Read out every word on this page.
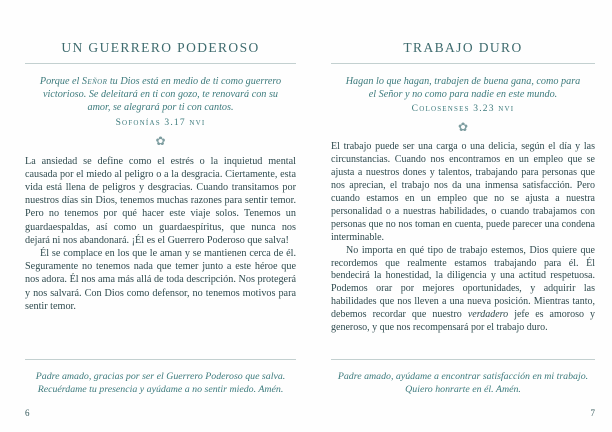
UN GUERRERO PODEROSO

Porque el Señor tu Dios está en medio de ti como guerrero victorioso. Se deleitará en ti con gozo, te renovará con su amor, se alegrará por ti con cantos.

Sofonías 3.17 nvi

✿

La ansiedad se define como el estrés o la inquietud mental causada por el miedo al peligro o a la desgracia. Ciertamente, esta vida está llena de peligros y desgracias. Cuando transitamos por nuestros días sin Dios, tenemos muchas razones para sentir temor. Pero no tenemos por qué hacer este viaje solos. Tenemos un guardaespaldas, así como un guardaespíritus, que nunca nos dejará ni nos abandonará. ¡Él es el Guerrero Poderoso que salva!

Él se complace en los que le aman y se mantienen cerca de él. Seguramente no tenemos nada que temer junto a este héroe que nos adora. Él nos ama más allá de toda descripción. Nos protegerá y nos salvará. Con Dios como defensor, no tenemos motivos para sentir temor.

Padre amado, gracias por ser el Guerrero Poderoso que salva. Recuérdame tu presencia y ayúdame a no sentir miedo. Amén.

6
TRABAJO DURO

Hagan lo que hagan, trabajen de buena gana, como para el Señor y no como para nadie en este mundo.

Colosenses 3.23 nvi

✿

El trabajo puede ser una carga o una delicia, según el día y las circunstancias. Cuando nos encontramos en un empleo que se ajusta a nuestros dones y talentos, trabajando para personas que nos aprecian, el trabajo nos da una inmensa satisfacción. Pero cuando estamos en un empleo que no se ajusta a nuestra personalidad o a nuestras habilidades, o cuando trabajamos con personas que no nos toman en cuenta, puede parecer una condena interminable.

No importa en qué tipo de trabajo estemos, Dios quiere que recordemos que realmente estamos trabajando para él. Él bendecirá la honestidad, la diligencia y una actitud respetuosa. Podemos orar por mejores oportunidades, y adquirir las habilidades que nos lleven a una nueva posición. Mientras tanto, debemos recordar que nuestro verdadero jefe es amoroso y generoso, y que nos recompensará por el trabajo duro.

Padre amado, ayúdame a encontrar satisfacción en mi trabajo. Quiero honrarte en él. Amén.

7
